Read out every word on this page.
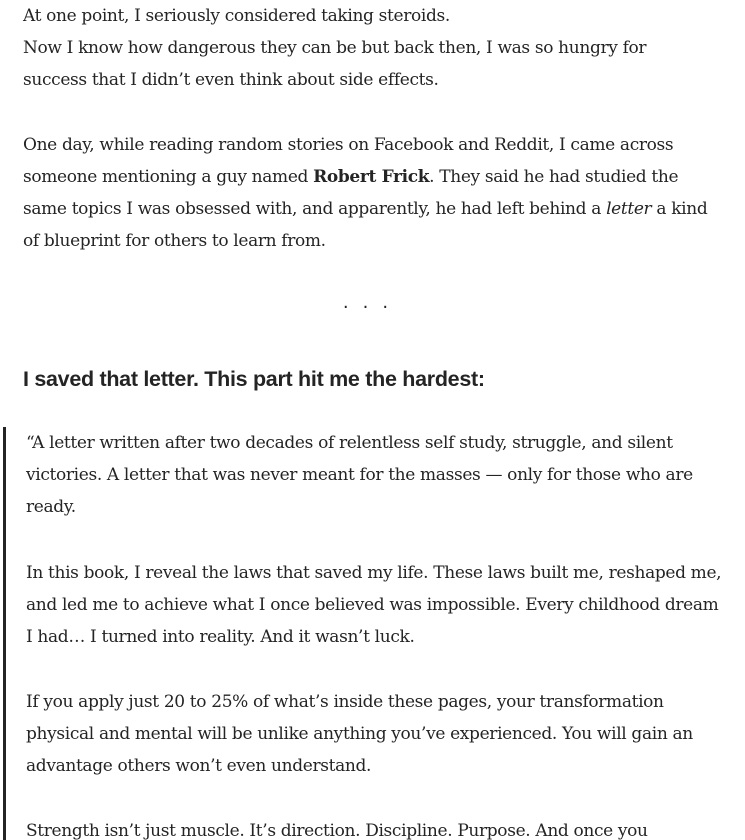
At one point, I seriously considered taking steroids.
Now I know how dangerous they can be but back then, I was so hungry for success that I didn’t even think about side effects.

One day, while reading random stories on Facebook and Reddit, I came across someone mentioning a guy named Robert Frick. They said he had studied the same topics I was obsessed with, and apparently, he had left behind a letter a kind of blueprint for others to learn from.

...
I saved that letter. This part hit me the hardest:

“A letter written after two decades of relentless self study, struggle, and silent victories. A letter that was never meant for the masses — only for those who are ready.

In this book, I reveal the laws that saved my life. These laws built me, reshaped me, and led me to achieve what I once believed was impossible. Every childhood dream I had… I turned into reality. And it wasn’t luck.

If you apply just 20 to 25% of what’s inside these pages, your transformation physical and mental will be unlike anything you’ve experienced. You will gain an advantage others won’t even understand.

Strength isn’t just muscle. It’s direction. Discipline. Purpose. And once you
